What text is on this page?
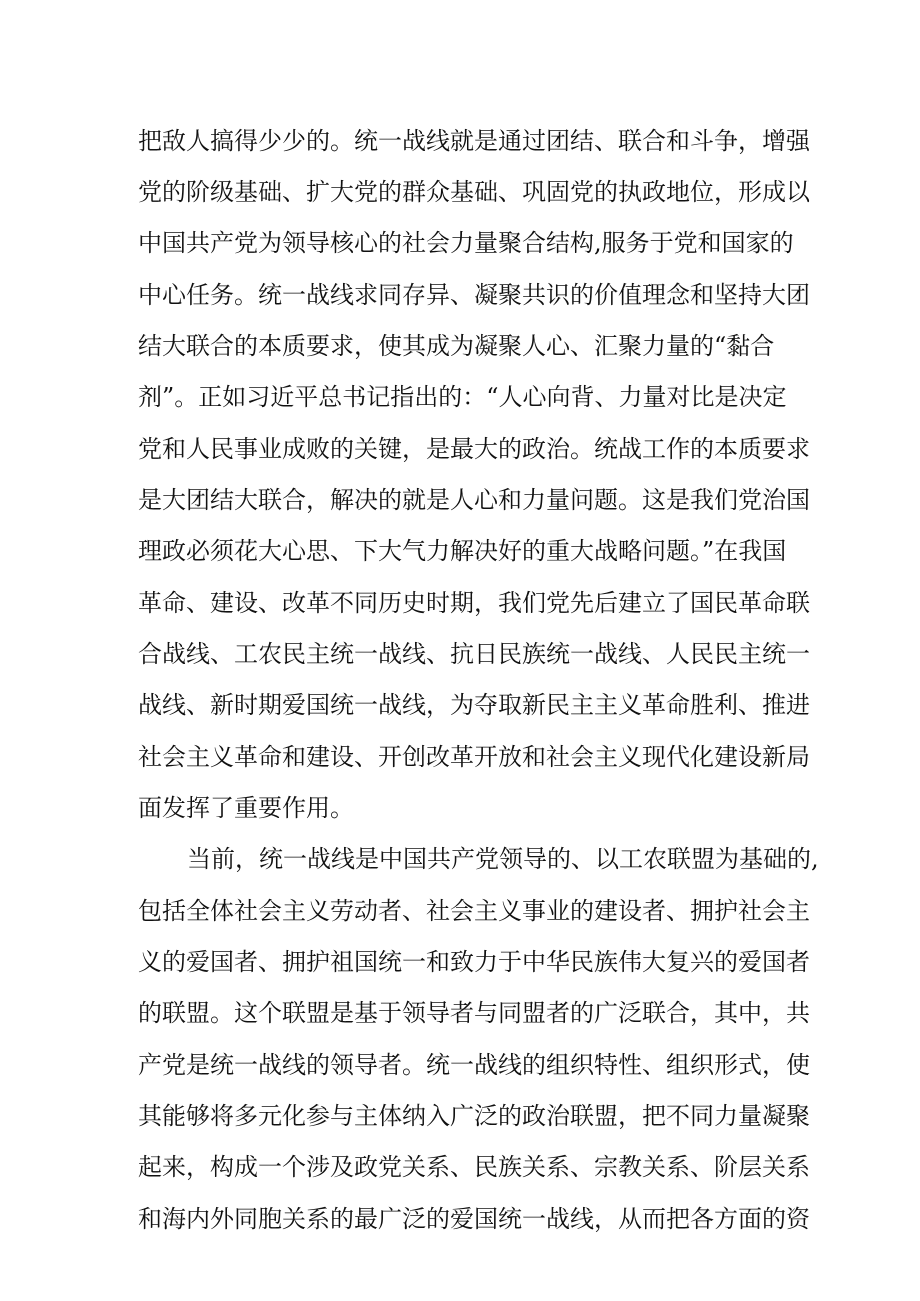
把敌人搞得少少的。统一战线就是通过团结、联合和斗争，增强
党的阶级基础、扩大党的群众基础、巩固党的执政地位，形成以
中国共产党为领导核心的社会力量聚合结构,服务于党和国家的
中心任务。统一战线求同存异、凝聚共识的价值理念和坚持大团
结大联合的本质要求，使其成为凝聚人心、汇聚力量的“黏合
剂”。正如习近平总书记指出的：“人心向背、力量对比是决定
党和人民事业成败的关键，是最大的政治。统战工作的本质要求
是大团结大联合，解决的就是人心和力量问题。这是我们党治国
理政必须花大心思、下大气力解决好的重大战略问题。”在我国
革命、建设、改革不同历史时期，我们党先后建立了国民革命联
合战线、工农民主统一战线、抗日民族统一战线、人民民主统一
战线、新时期爱国统一战线，为夺取新民主主义革命胜利、推进
社会主义革命和建设、开创改革开放和社会主义现代化建设新局
面发挥了重要作用。
当前，统一战线是中国共产党领导的、以工农联盟为基础的,
包括全体社会主义劳动者、社会主义事业的建设者、拥护社会主
义的爱国者、拥护祖国统一和致力于中华民族伟大复兴的爱国者
的联盟。这个联盟是基于领导者与同盟者的广泛联合，其中，共
产党是统一战线的领导者。统一战线的组织特性、组织形式，使
其能够将多元化参与主体纳入广泛的政治联盟，把不同力量凝聚
起来，构成一个涉及政党关系、民族关系、宗教关系、阶层关系
和海内外同胞关系的最广泛的爱国统一战线，从而把各方面的资
